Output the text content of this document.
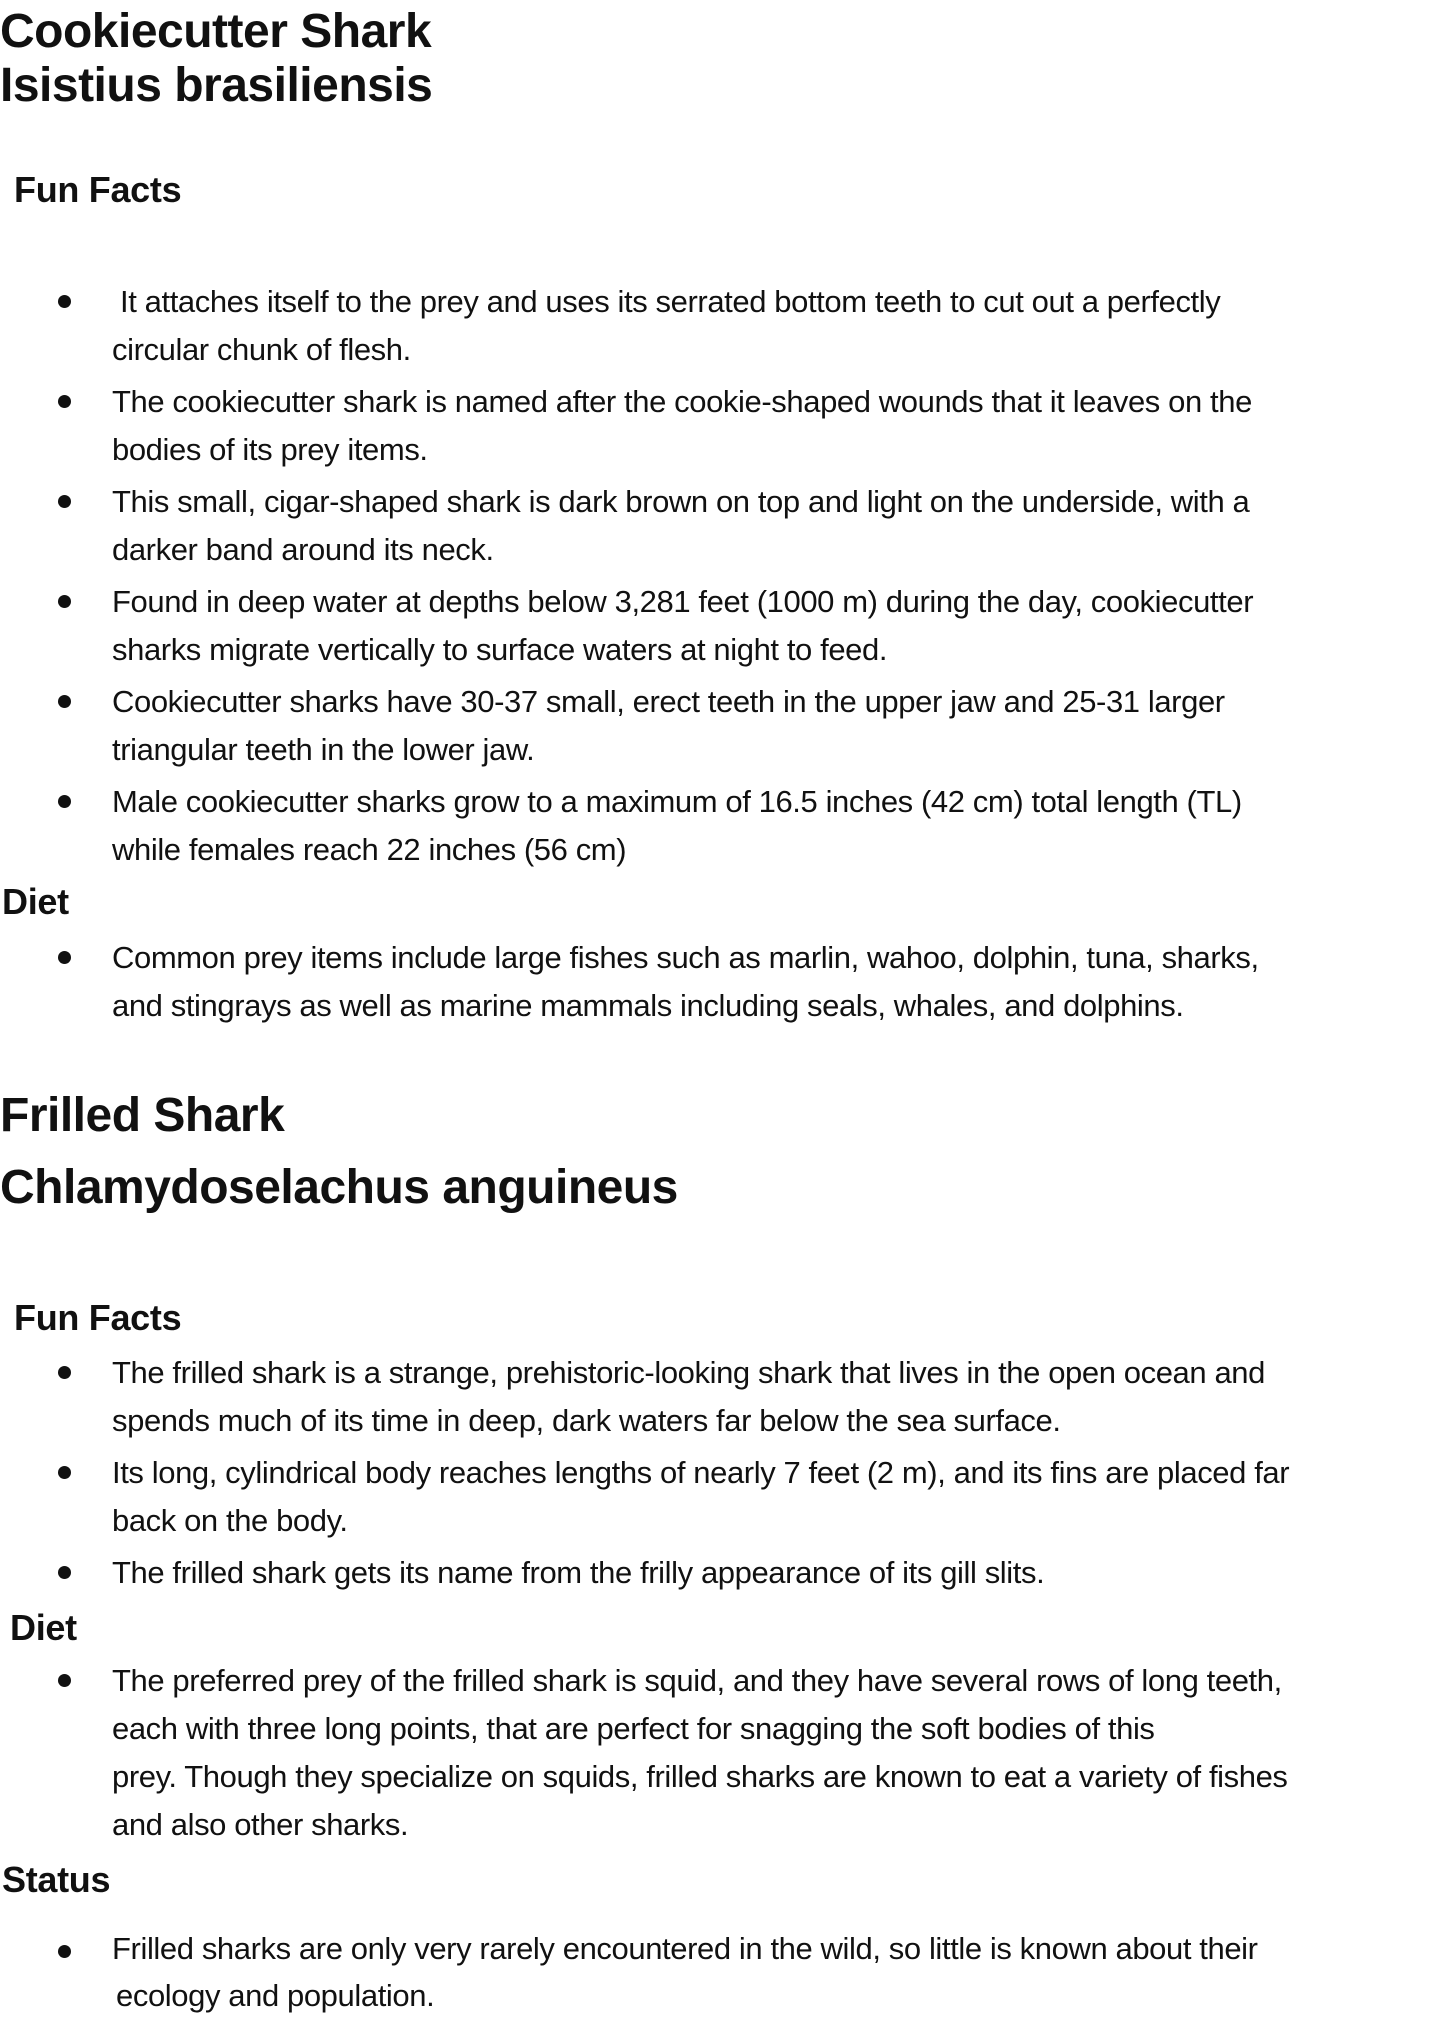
Cookiecutter Shark
Isistius brasiliensis
Fun Facts
It attaches itself to the prey and uses its serrated bottom teeth to cut out a perfectly
circular chunk of flesh.
The cookiecutter shark is named after the cookie-shaped wounds that it leaves on the
bodies of its prey items.
This small, cigar-shaped shark is dark brown on top and light on the underside, with a
darker band around its neck.
Found in deep water at depths below 3,281 feet (1000 m) during the day, cookiecutter
sharks migrate vertically to surface waters at night to feed.
Cookiecutter sharks have 30-37 small, erect teeth in the upper jaw and 25-31 larger
triangular teeth in the lower jaw.
Male cookiecutter sharks grow to a maximum of 16.5 inches (42 cm) total length (TL)
while females reach 22 inches (56 cm)
Diet
Common prey items include large fishes such as marlin, wahoo, dolphin, tuna, sharks,
and stingrays as well as marine mammals including seals, whales, and dolphins.
Frilled Shark
Chlamydoselachus anguineus
Fun Facts
The frilled shark is a strange, prehistoric-looking shark that lives in the open ocean and
spends much of its time in deep, dark waters far below the sea surface.
Its long, cylindrical body reaches lengths of nearly 7 feet (2 m), and its fins are placed far
back on the body.
The frilled shark gets its name from the frilly appearance of its gill slits.
Diet
The preferred prey of the frilled shark is squid, and they have several rows of long teeth,
each with three long points, that are perfect for snagging the soft bodies of this
prey. Though they specialize on squids, frilled sharks are known to eat a variety of fishes
and also other sharks.
Status
Frilled sharks are only very rarely encountered in the wild, so little is known about their
ecology and population.
